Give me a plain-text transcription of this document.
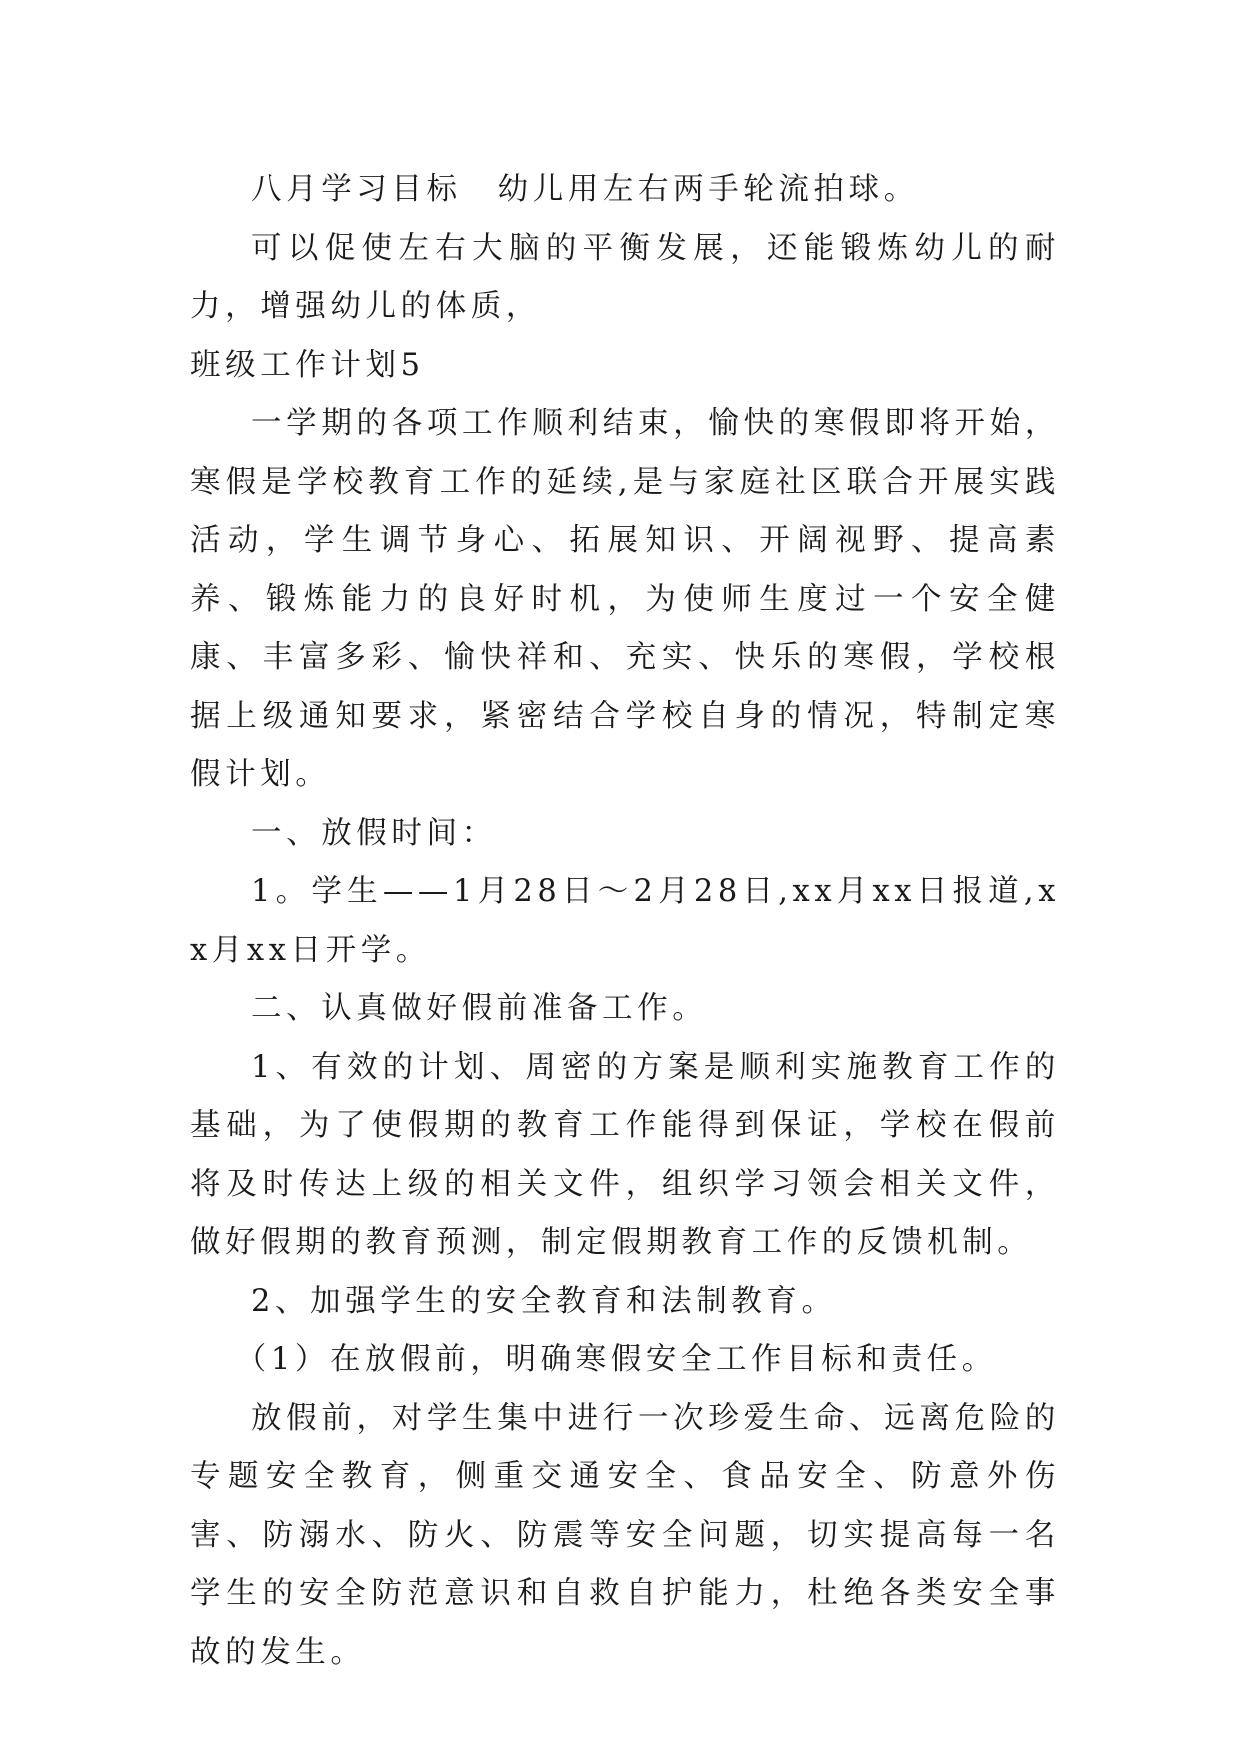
八月学习目标 幼儿用左右两手轮流拍球。

可以促使左右大脑的平衡发展，还能锻炼幼儿的耐力，增强幼儿的体质，

班级工作计划5

一学期的各项工作顺利结束，愉快的寒假即将开始，寒假是学校教育工作的延续,是与家庭社区联合开展实践活动，学生调节身心、拓展知识、开阔视野、提高素养、锻炼能力的良好时机，为使师生度过一个安全健康、丰富多彩、愉快祥和、充实、快乐的寒假，学校根据上级通知要求，紧密结合学校自身的情况，特制定寒假计划。

一、放假时间：

1。学生——1月28日～2月28日,xx月xx日报道,xx月xx日开学。

二、认真做好假前准备工作。

1、有效的计划、周密的方案是顺利实施教育工作的基础，为了使假期的教育工作能得到保证，学校在假前将及时传达上级的相关文件，组织学习领会相关文件，做好假期的教育预测，制定假期教育工作的反馈机制。

2、加强学生的安全教育和法制教育。

（1）在放假前，明确寒假安全工作目标和责任。

放假前，对学生集中进行一次珍爱生命、远离危险的专题安全教育，侧重交通安全、食品安全、防意外伤害、防溺水、防火、防震等安全问题，切实提高每一名学生的安全防范意识和自救自护能力，杜绝各类安全事故的发生。
